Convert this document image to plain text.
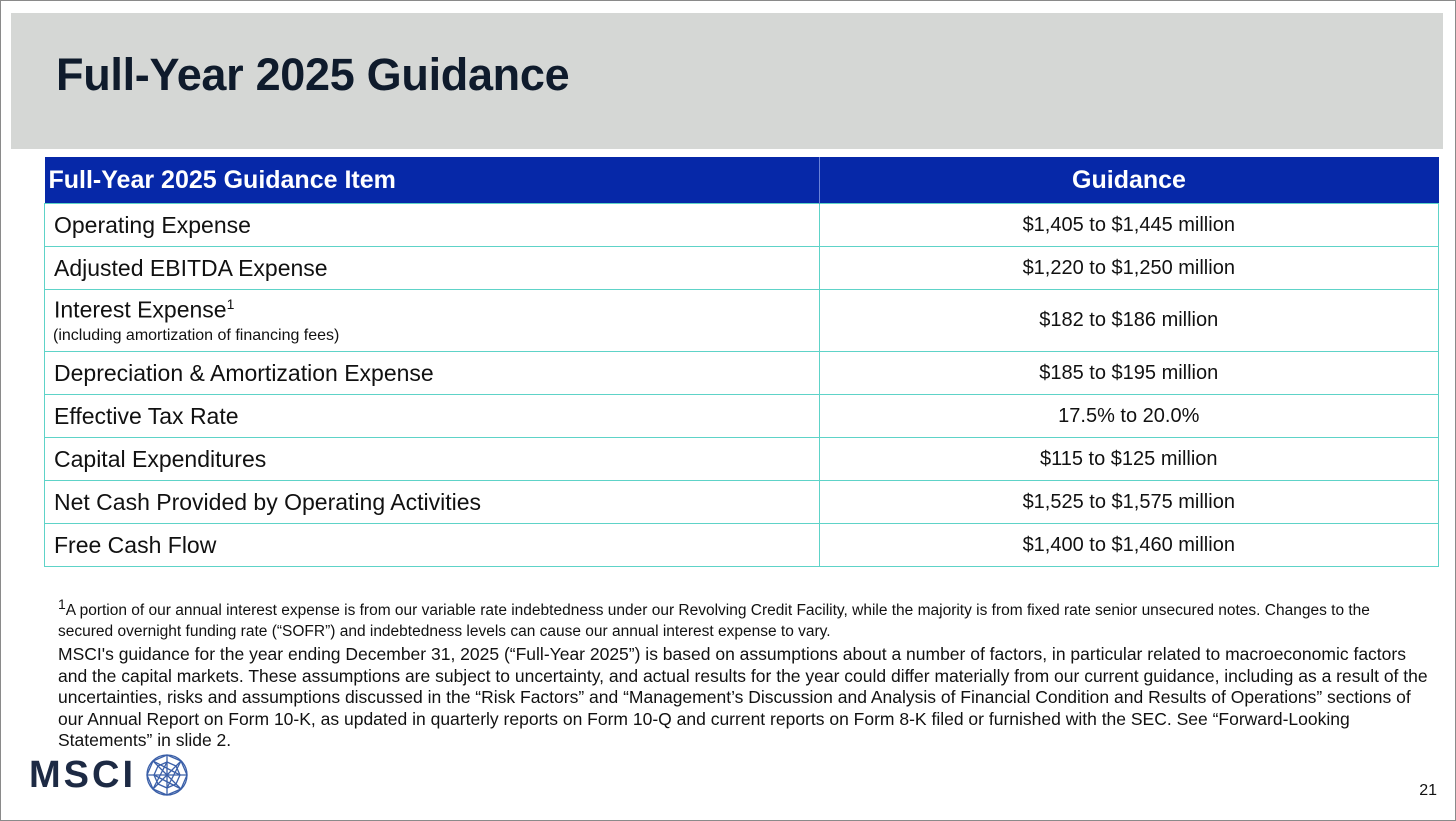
Full-Year 2025 Guidance
Full-Year 2025 Guidance Item	Guidance
Operating Expense	$1,405 to $1,445 million
Adjusted EBITDA Expense	$1,220 to $1,250 million
Interest Expense$^1$
(including amortization of financing fees)	$182 to $186 million
Depreciation & Amortization Expense	$185 to $195 million
Effective Tax Rate	17.5% to 20.0%
Capital Expenditures	$115 to $125 million
Net Cash Provided by Operating Activities	$1,525 to $1,575 million
Free Cash Flow	$1,400 to $1,460 million

$^1$A portion of our annual interest expense is from our variable rate indebtedness under our Revolving Credit Facility, while the majority is from fixed rate senior unsecured notes. Changes to the secured overnight funding rate (“SOFR”) and indebtedness levels can cause our annual interest expense to vary.

MSCI's guidance for the year ending December 31, 2025 (“Full-Year 2025”) is based on assumptions about a number of factors, in particular related to macroeconomic factors and the capital markets. These assumptions are subject to uncertainty, and actual results for the year could differ materially from our current guidance, including as a result of the uncertainties, risks and assumptions discussed in the “Risk Factors” and “Management’s Discussion and Analysis of Financial Condition and Results of Operations” sections of our Annual Report on Form 10-K, as updated in quarterly reports on Form 10-Q and current reports on Form 8-K filed or furnished with the SEC. See “Forward-Looking Statements” in slide 2.

MSCI	21
